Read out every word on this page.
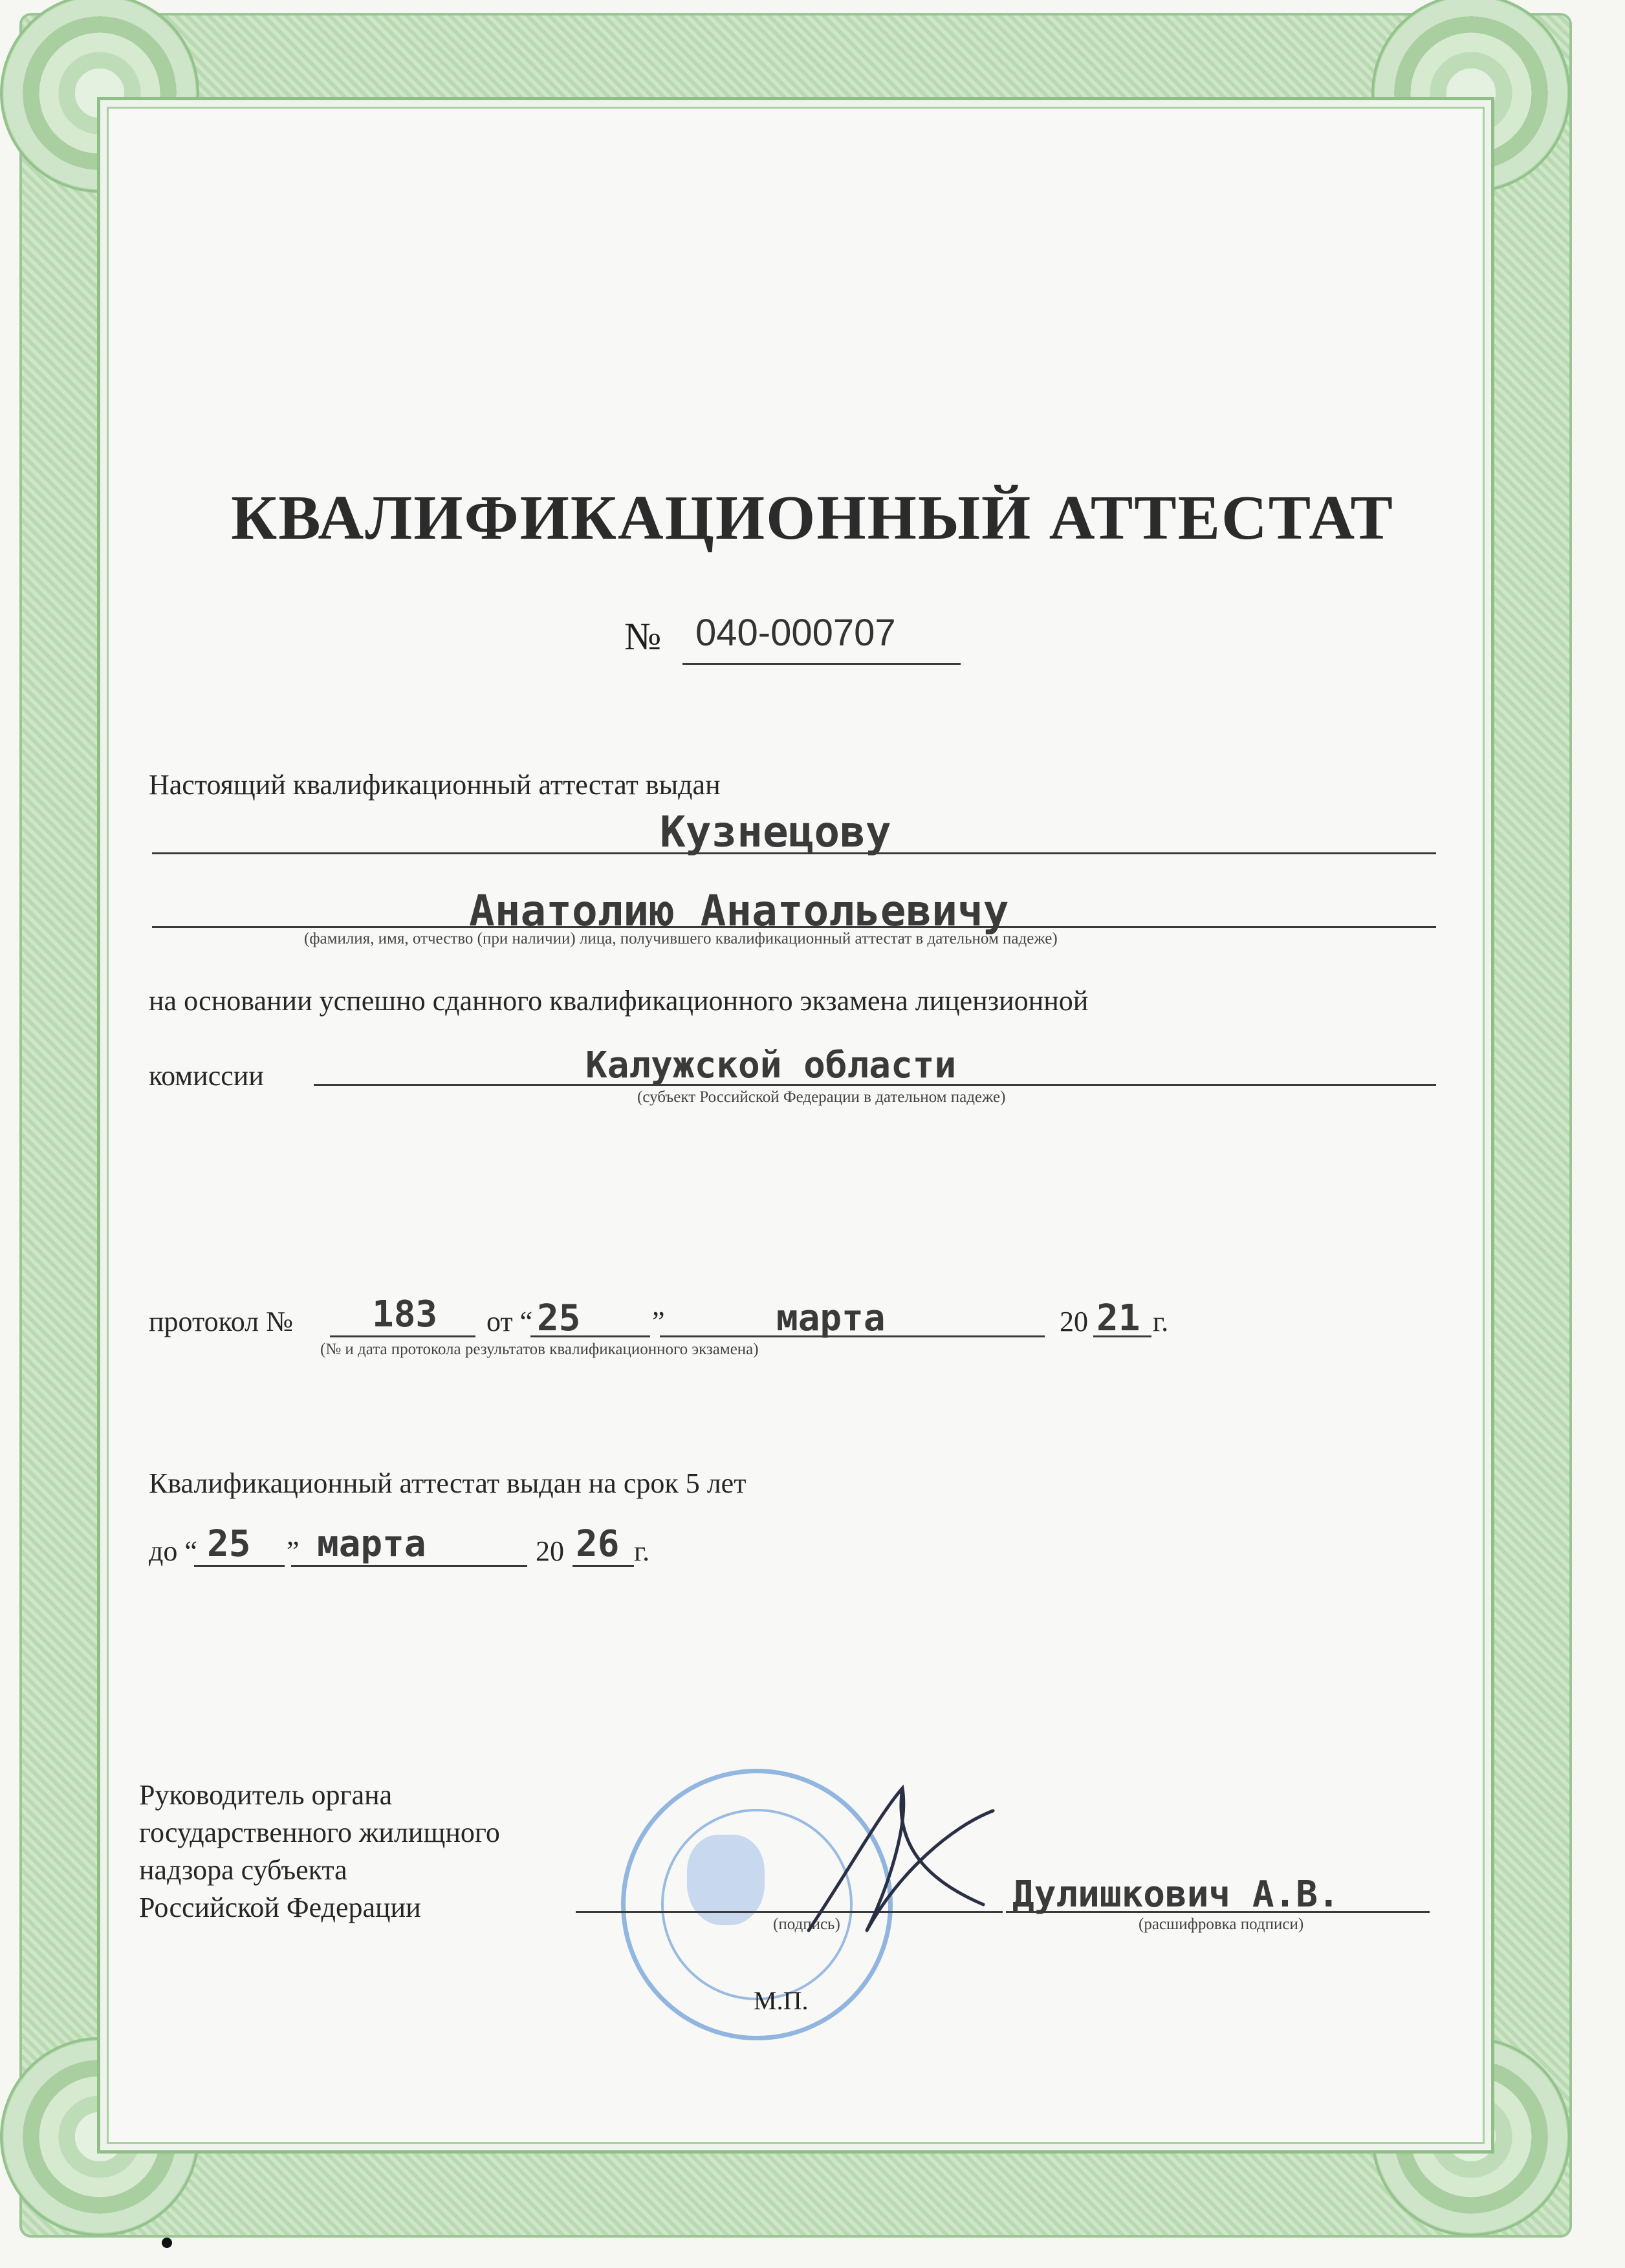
КВАЛИФИКАЦИОННЫЙ АТТЕСТАТ
№ 040-000707
Настоящий квалификационный аттестат выдан
Кузнецову
Анатолию Анатольевичу
(фамилия, имя, отчество (при наличии) лица, получившего квалификационный аттестат в дательном падеже)
на основании успешно сданного квалификационного экзамена лицензионной
комиссии	Калужской области
(субъект Российской Федерации в дательном падеже)
протокол № 183 от “ 25	”	марта	20 21 г.
(№ и дата протокола результатов квалификационного экзамена)
Квалификационный аттестат выдан на срок 5 лет
до “ 25 ” марта	20 26 г.
Руководитель органа
государственного жилищного
надзора субъекта
Российской Федерации
(подпись)
Дулишкович А.В.
(расшифровка подписи)
М.П.
